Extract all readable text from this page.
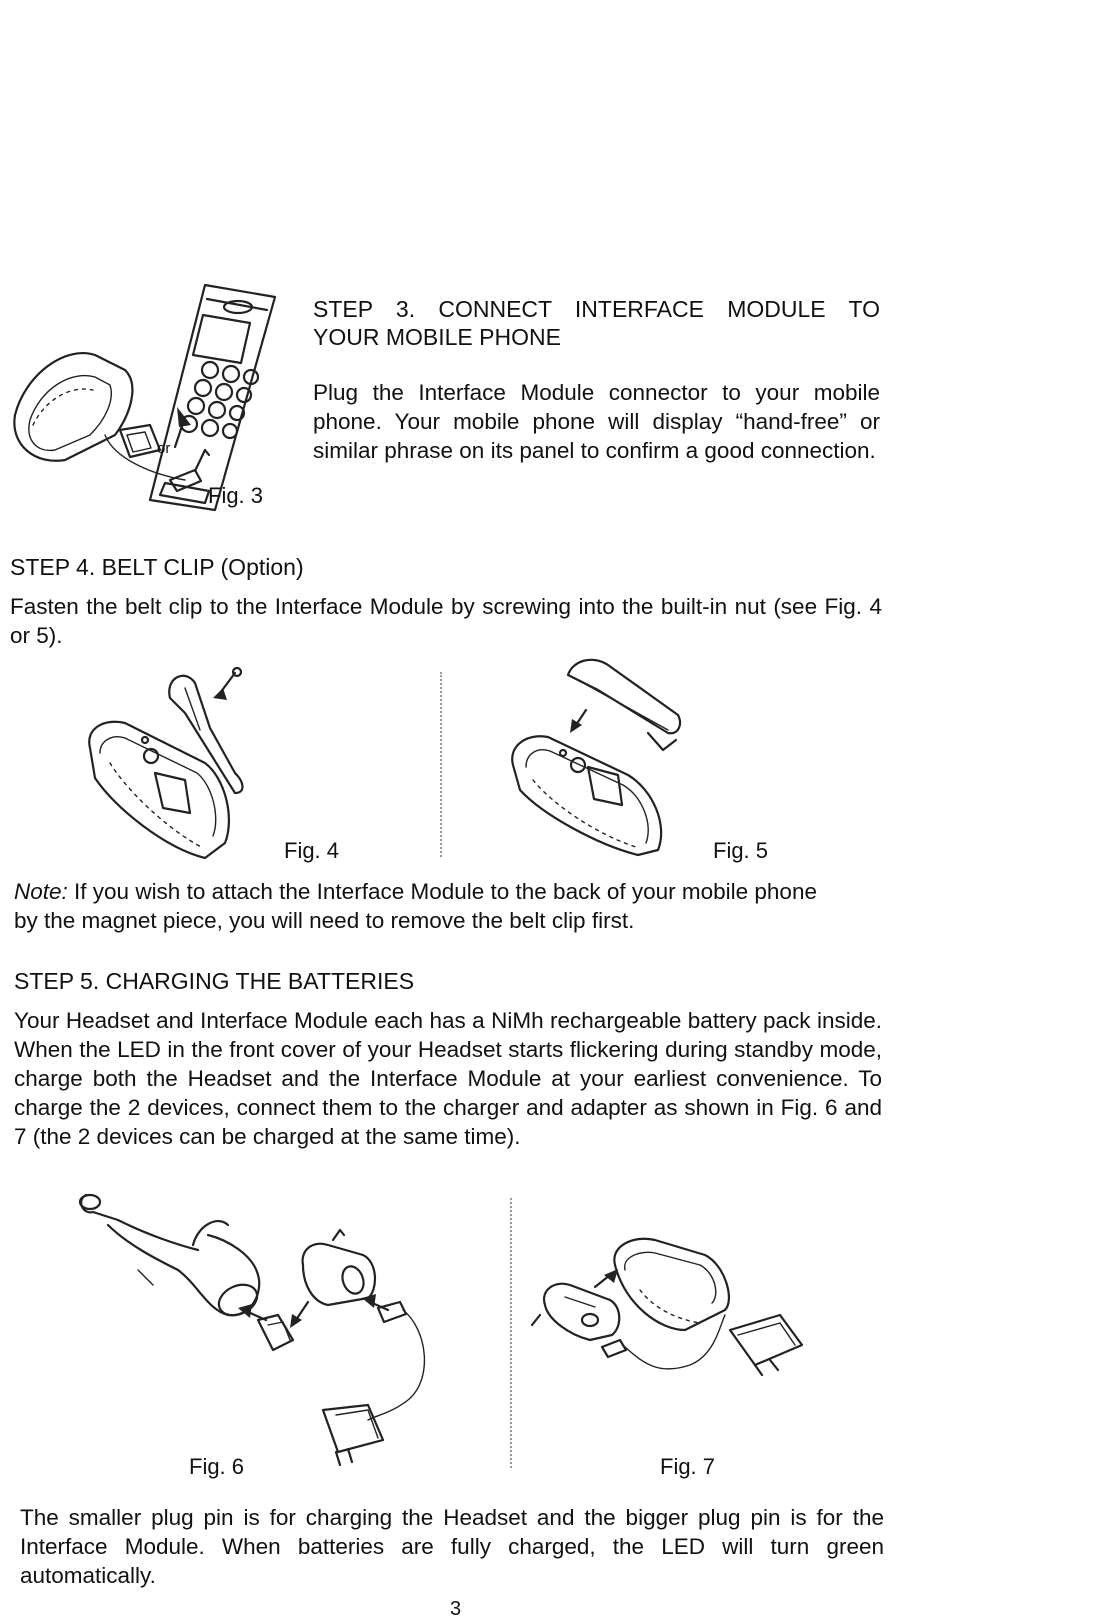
or
Fig. 3
STEP 3. CONNECT INTERFACE MODULE TO
YOUR MOBILE PHONE
Plug the Interface Module connector to your mobile phone. Your mobile phone will display “hand-free” or similar phrase on its panel to confirm a good connection.
STEP 4. BELT CLIP (Option)
Fasten the belt clip to the Interface Module by screwing into the built-in nut (see Fig. 4 or 5).
Fig. 4	Fig. 5
Note: If you wish to attach the Interface Module to the back of your mobile phone by the magnet piece, you will need to remove the belt clip first.
STEP 5. CHARGING THE BATTERIES
Your Headset and Interface Module each has a NiMh rechargeable battery pack inside. When the LED in the front cover of your Headset starts flickering during standby mode, charge both the Headset and the Interface Module at your earliest convenience. To charge the 2 devices, connect them to the charger and adapter as shown in Fig. 6 and 7 (the 2 devices can be charged at the same time).
Fig. 6	Fig. 7
The smaller plug pin is for charging the Headset and the bigger plug pin is for the Interface Module. When batteries are fully charged, the LED will turn green automatically.
3
